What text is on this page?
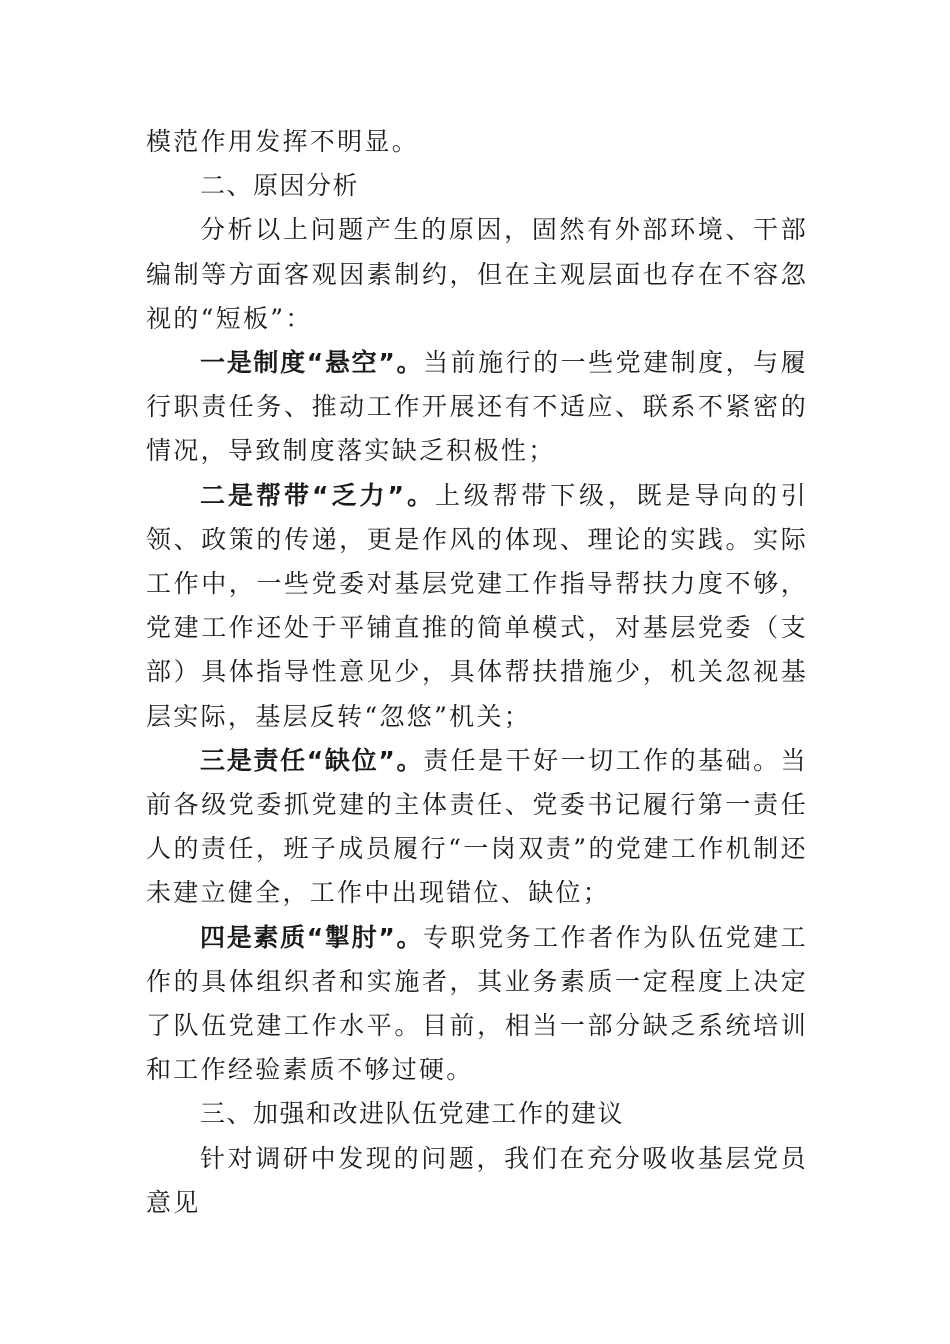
模范作用发挥不明显。

二、原因分析

分析以上问题产生的原因，固然有外部环境、干部编制等方面客观因素制约，但在主观层面也存在不容忽视的“短板”：

一是制度“悬空”。当前施行的一些党建制度，与履行职责任务、推动工作开展还有不适应、联系不紧密的情况，导致制度落实缺乏积极性；

二是帮带“乏力”。上级帮带下级，既是导向的引领、政策的传递，更是作风的体现、理论的实践。实际工作中，一些党委对基层党建工作指导帮扶力度不够，党建工作还处于平铺直推的简单模式，对基层党委（支部）具体指导性意见少，具体帮扶措施少，机关忽视基层实际，基层反转“忽悠”机关；

三是责任“缺位”。责任是干好一切工作的基础。当前各级党委抓党建的主体责任、党委书记履行第一责任人的责任，班子成员履行“一岗双责”的党建工作机制还未建立健全，工作中出现错位、缺位；

四是素质“掣肘”。专职党务工作者作为队伍党建工作的具体组织者和实施者，其业务素质一定程度上决定了队伍党建工作水平。目前，相当一部分缺乏系统培训和工作经验素质不够过硬。

三、加强和改进队伍党建工作的建议

针对调研中发现的问题，我们在充分吸收基层党员意见
